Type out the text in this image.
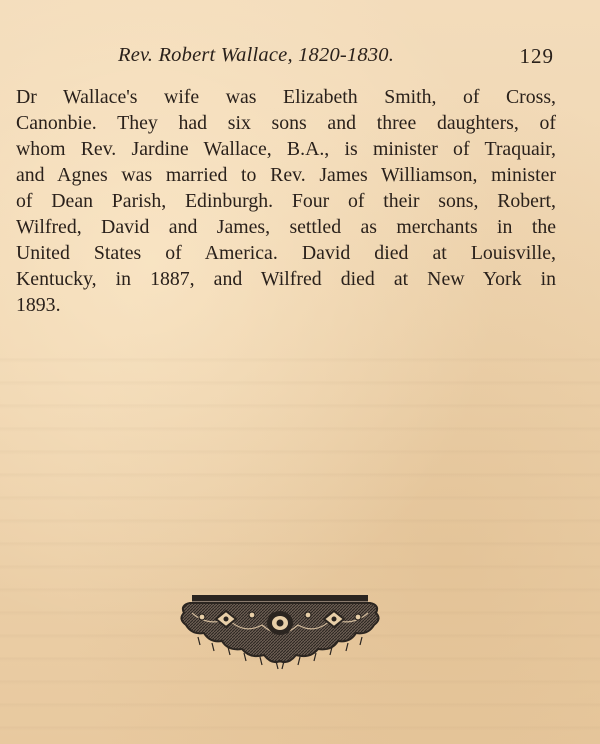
Rev. Robert Wallace, 1820-1830.	129
Dr Wallace's wife was Elizabeth Smith, of Cross,
Canonbie. They had six sons and three daughters, of
whom Rev. Jardine Wallace, B.A., is minister of Traquair,
and Agnes was married to Rev. James Williamson, minister
of Dean Parish, Edinburgh. Four of their sons, Robert,
Wilfred, David and James, settled as merchants in the
United States of America. David died at Louisville,
Kentucky, in 1887, and Wilfred died at New York in
1893.
